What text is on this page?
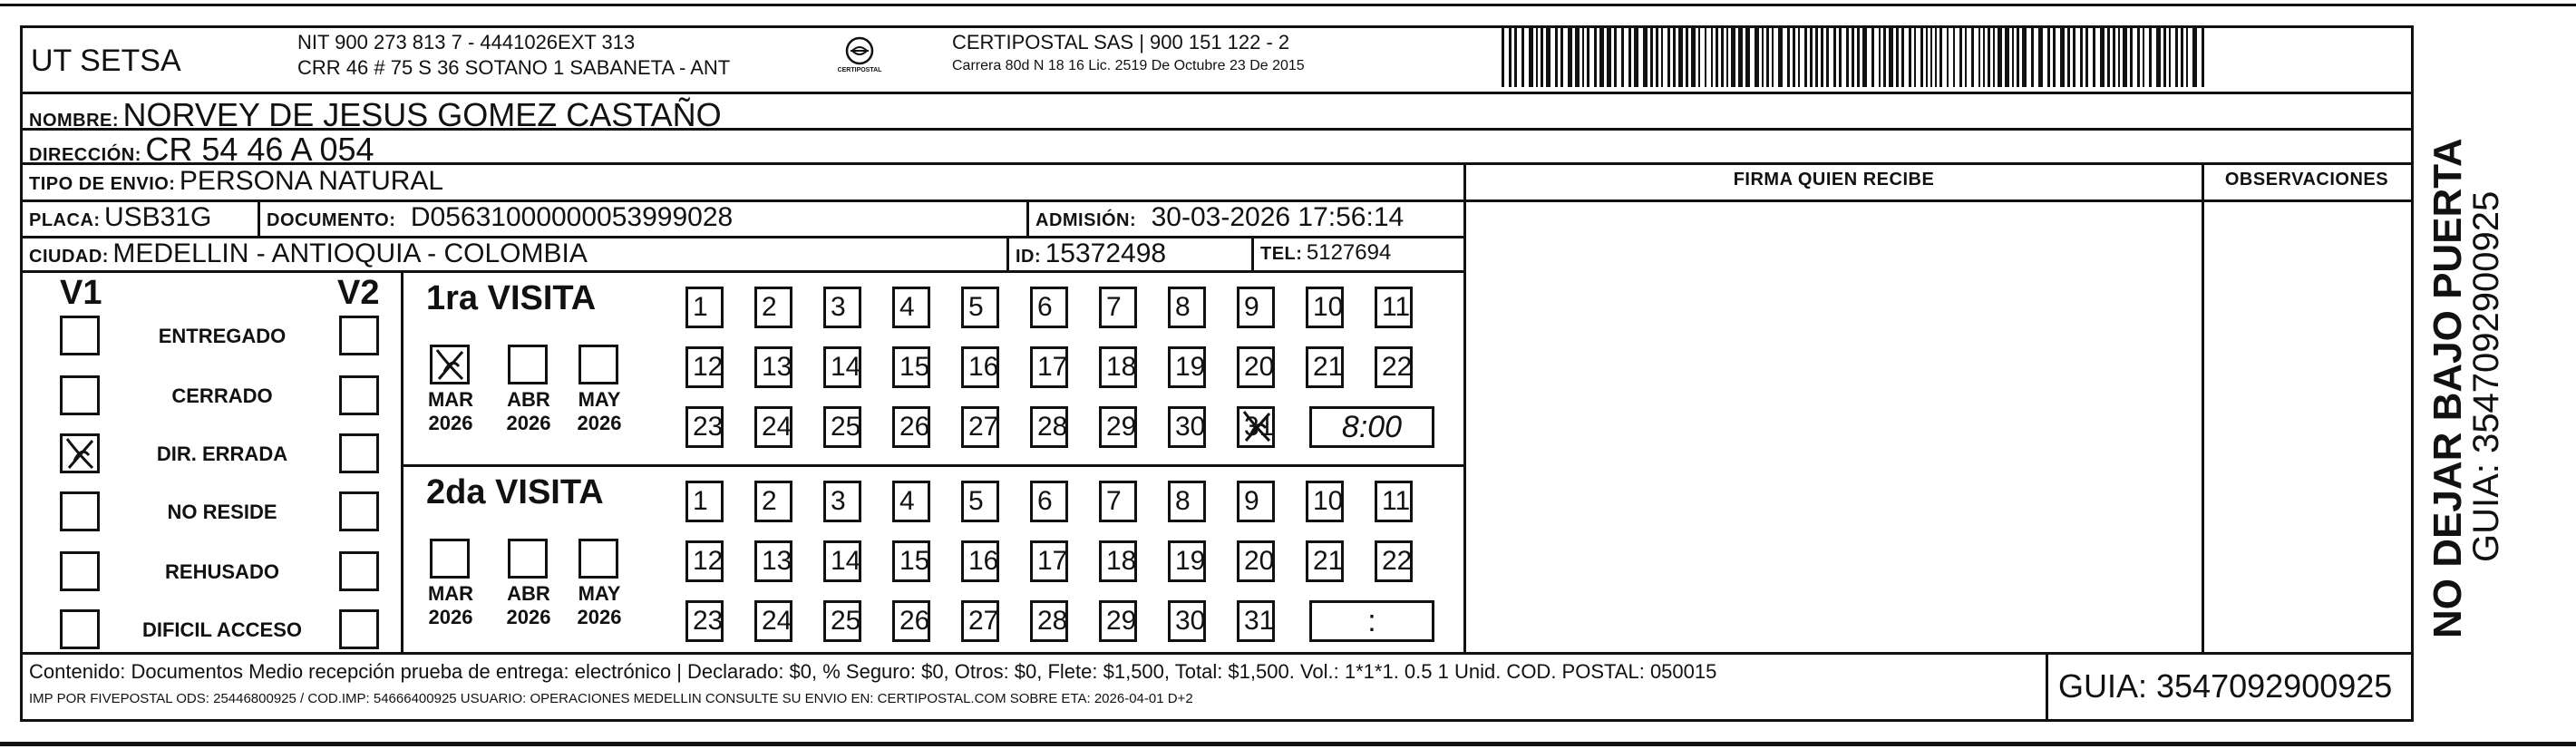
UT SETSA
NIT 900 273 813 7 - 4441026EXT 313
CRR 46 # 75 S 36 SOTANO 1 SABANETA - ANT	CERTIPOSTAL
CERTIPOSTAL SAS | 900 151 122 - 2
Carrera 80d N 18 16 Lic. 2519 De Octubre 23 De 2015
NOMBRE: NORVEY DE JESUS GOMEZ CASTAÑO
DIRECCIÓN: CR 54 46 A 054
TIPO DE ENVIO: PERSONA NATURAL
PLACA: USB31G	DOCUMENTO: D05631000000053999028	ADMISIÓN: 30-03-2026 17:56:14
CIUDAD: MEDELLIN - ANTIOQUIA - COLOMBIA	ID: 15372498	TEL: 5127694
FIRMA QUIEN RECIBE	OBSERVACIONES
V1	V2
ENTREGADO
CERRADO
DIR. ERRADA
NO RESIDE
REHUSADO
DIFICIL ACCESO
1ra VISITA
MAR
2026
ABR
2026
MAY
2026
1	2	3	4	5	6	7	8	9	10 11
12 13 14 15 16 17 18 19 20 21 22
23 24 25 26 27 28 29 30 31	8:00
2da VISITA
MAR
2026
ABR
2026
MAY
2026
1	2	3	4	5	6	7	8	9	10 11
12 13 14 15 16 17 18 19 20 21 22
23 24 25 26 27 28 29 30 31	:
Contenido: Documentos Medio recepción prueba de entrega: electrónico | Declarado: $0, % Seguro: $0, Otros: $0, Flete: $1,500, Total: $1,500. Vol.: 1*1*1. 0.5 1 Unid. COD. POSTAL: 050015
IMP POR FIVEPOSTAL ODS: 25446800925 / COD.IMP: 54666400925 USUARIO: OPERACIONES MEDELLIN CONSULTE SU ENVIO EN: CERTIPOSTAL.COM SOBRE ETA: 2026-04-01 D+2	GUIA: 3547092900925
NO DEJAR BAJO PUERTA
GUIA: 3547092900925
